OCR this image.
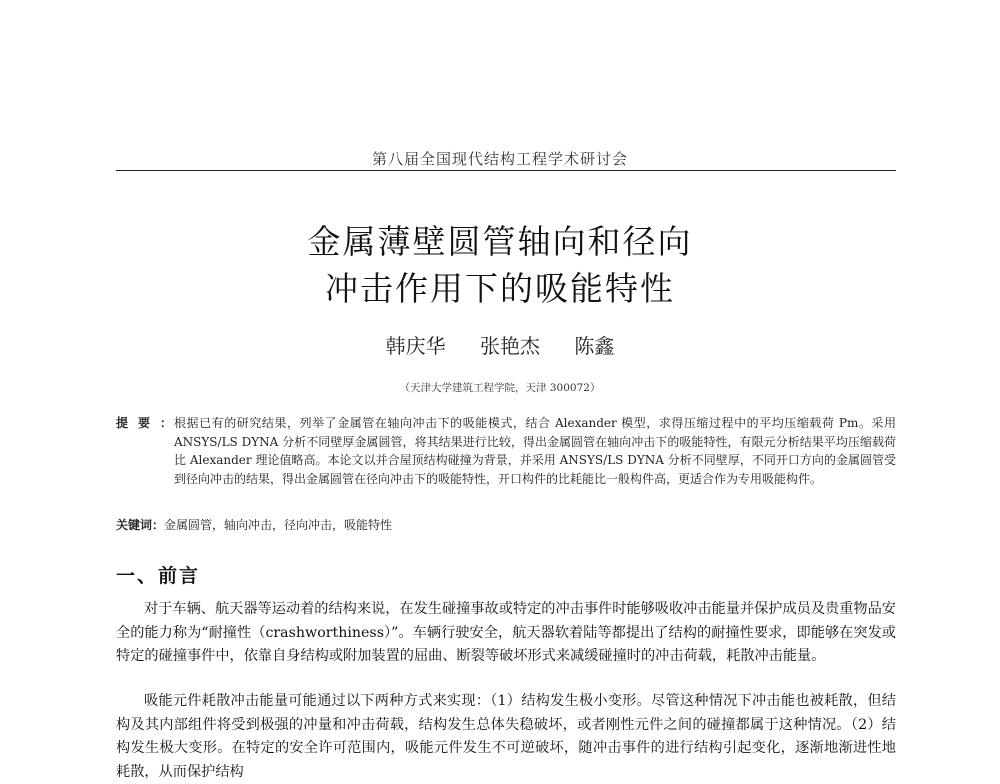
第八届全国现代结构工程学术研讨会
金属薄壁圆管轴向和径向
冲击作用下的吸能特性
韩庆华 张艳杰 陈鑫
（天津大学建筑工程学院，天津 300072）
提要：
根据已有的研究结果，列举了金属管在轴向冲击下的吸能模式，结合 Alexander 模型，求得压缩过程中的平均压缩载荷 Pm。采用 ANSYS/LS DYNA 分析不同壁厚金属圆管，将其结果进行比较，得出金属圆管在轴向冲击下的吸能特性，有限元分析结果平均压缩载荷比 Alexander 理论值略高。本论文以并合屋顶结构碰撞为背景，并采用 ANSYS/LS DYNA 分析不同壁厚，不同开口方向的金属圆管受到径向冲击的结果，得出金属圆管在径向冲击下的吸能特性，开口构件的比耗能比一般构件高，更适合作为专用吸能构件。
关键词：金属圆管，轴向冲击，径向冲击，吸能特性
一、前言
对于车辆、航天器等运动着的结构来说，在发生碰撞事故或特定的冲击事件时能够吸收冲击能量并保护成员及贵重物品安全的能力称为“耐撞性（crashworthiness）”。车辆行驶安全，航天器软着陆等都提出了结构的耐撞性要求，即能够在突发或特定的碰撞事件中，依靠自身结构或附加装置的屈曲、断裂等破坏形式来减缓碰撞时的冲击荷载，耗散冲击能量。
吸能元件耗散冲击能量可能通过以下两种方式来实现：（1）结构发生极小变形。尽管这种情况下冲击能也被耗散，但结构及其内部组件将受到极强的冲量和冲击荷载，结构发生总体失稳破坏，或者刚性元件之间的碰撞都属于这种情况。（2）结构发生极大变形。在特定的安全许可范围内，吸能元件发生不可逆破坏，随冲击事件的进行结构引起变化，逐渐地渐进性地耗散，从而保护结构
